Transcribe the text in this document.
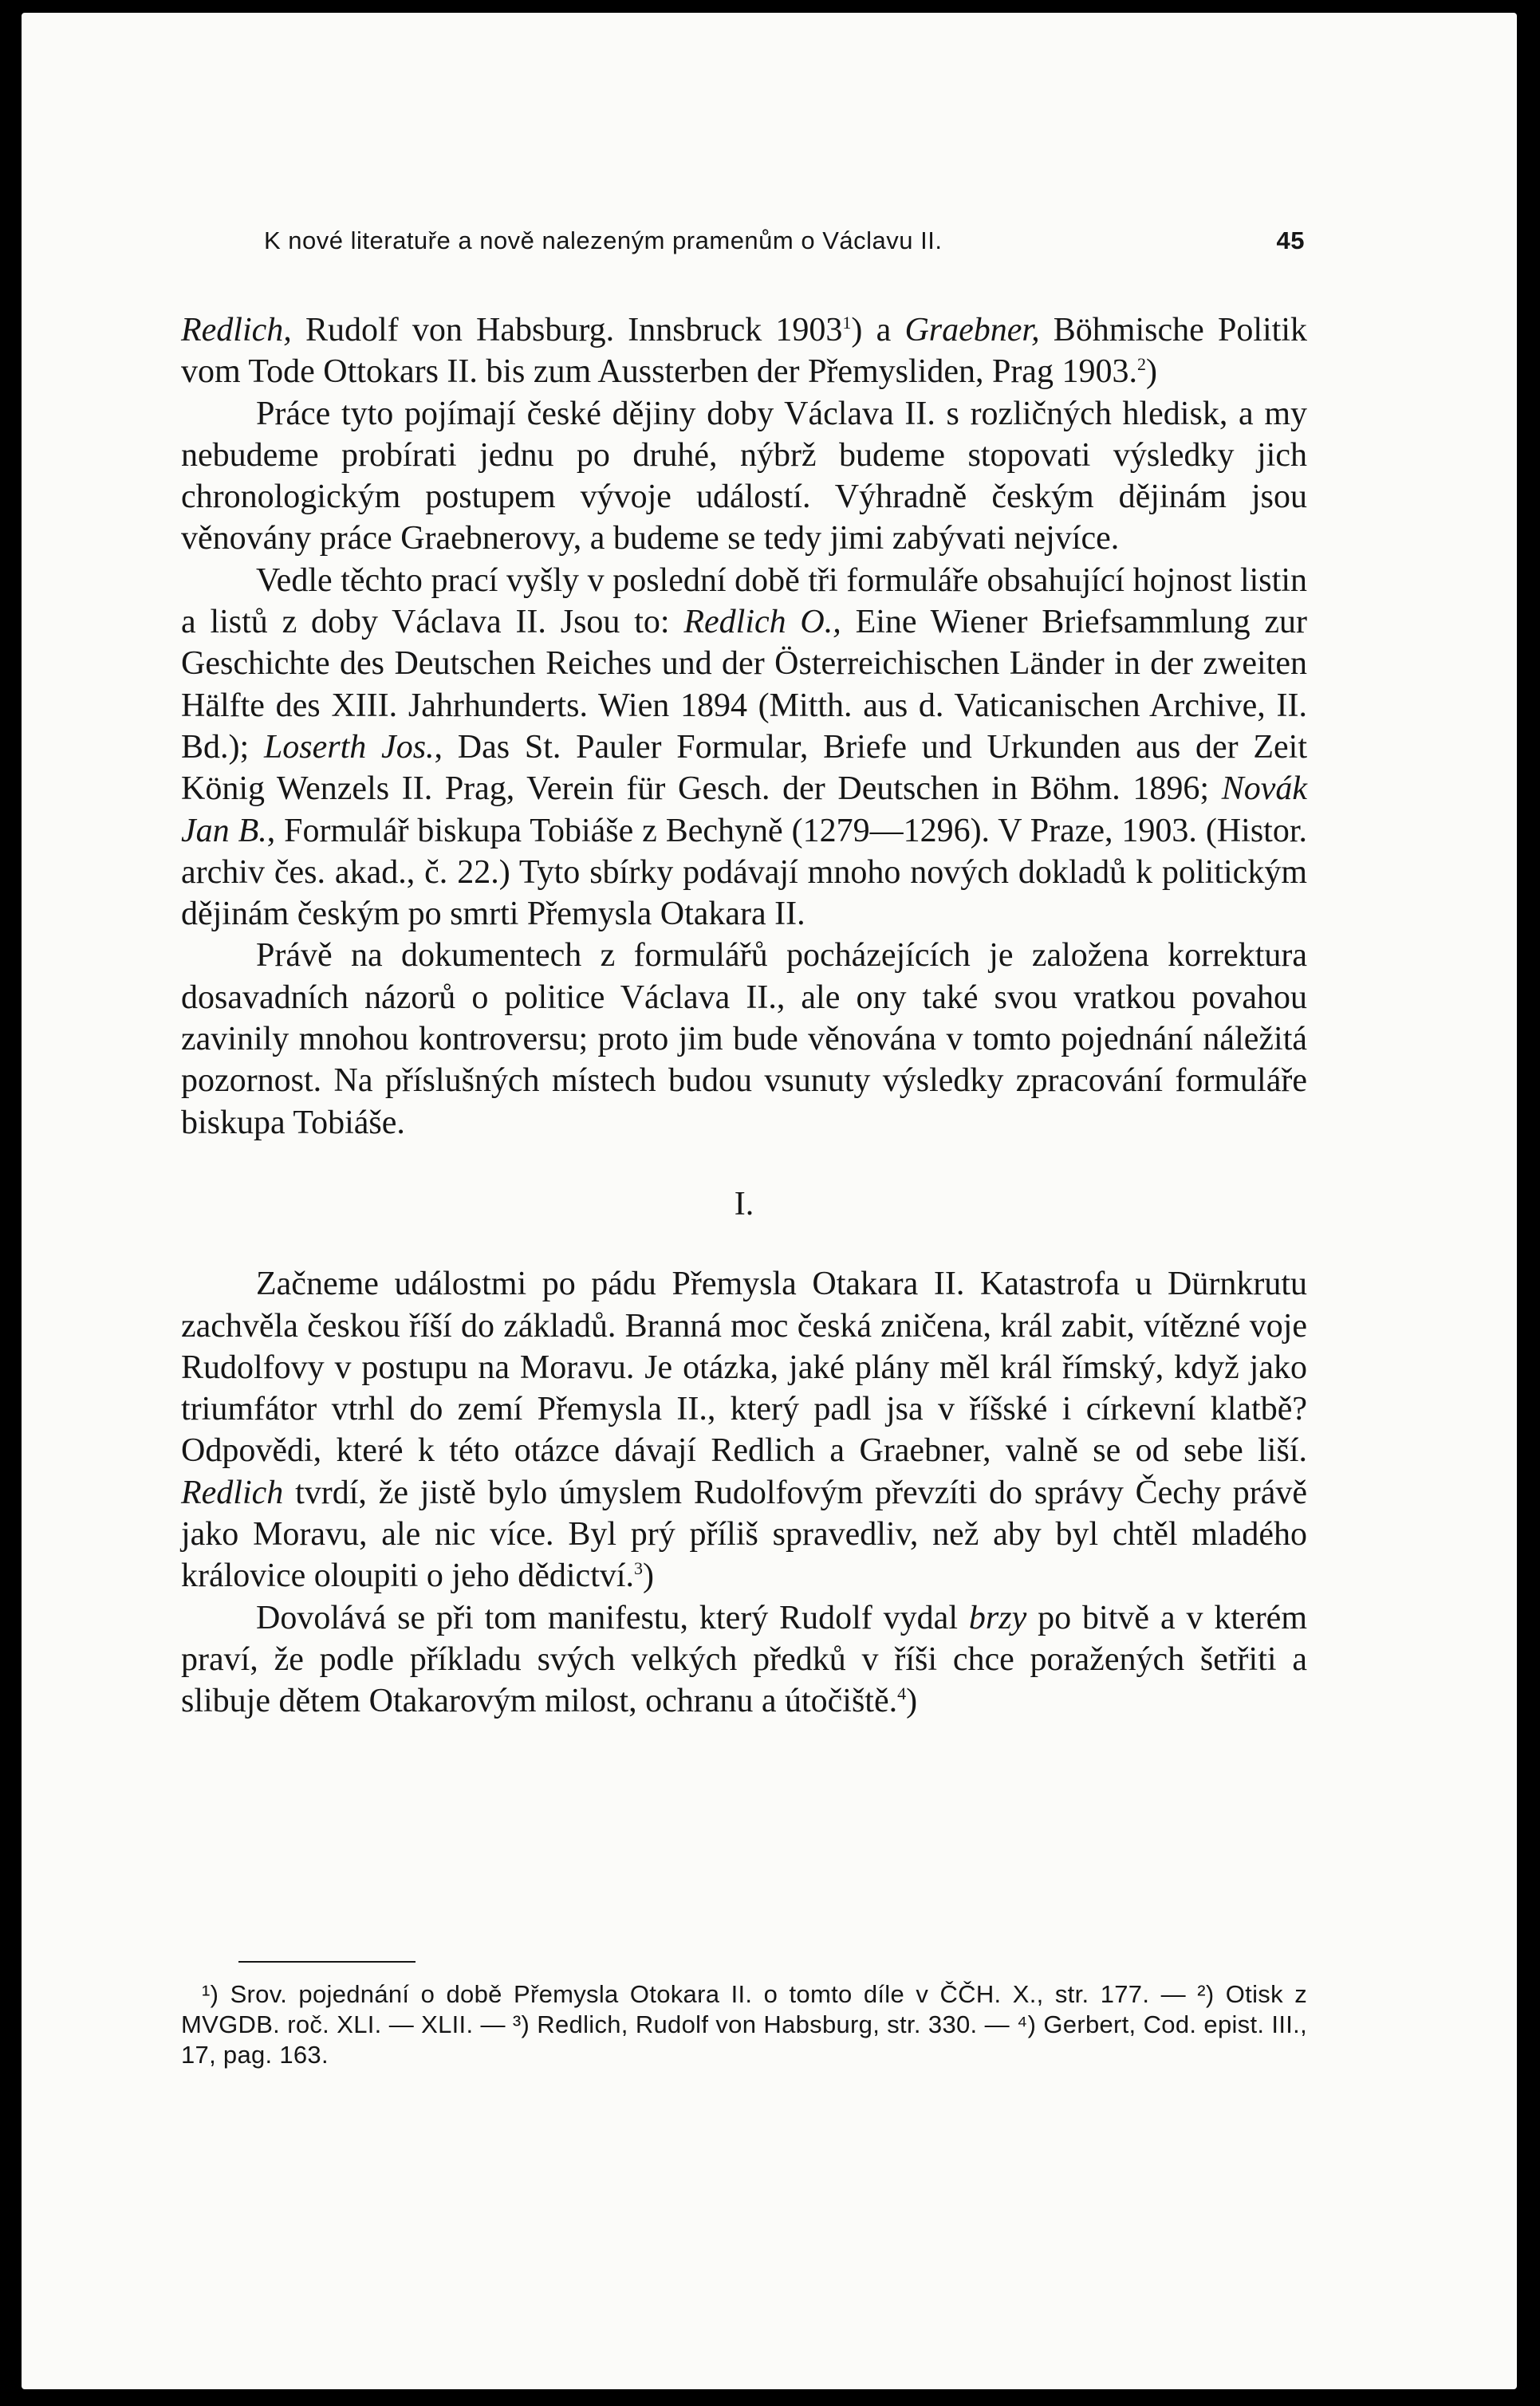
K nové literatuře a nově nalezeným pramenům o Václavu II.	45

Redlich, Rudolf von Habsburg. Innsbruck 1903$^1$) a Graebner, Böhmische Politik vom Tode Ottokars II. bis zum Aussterben der Přemysliden, Prag 1903.$^2$)

Práce tyto pojímají české dějiny doby Václava II. s rozličných hledisk, a my nebudeme probírati jednu po druhé, nýbrž budeme stopovati výsledky jich chronologickým postupem vývoje událostí. Výhradně českým dějinám jsou věnovány práce Graebnerovy, a budeme se tedy jimi zabývati nejvíce.

Vedle těchto prací vyšly v poslední době tři formuláře obsahující hojnost listin a listů z doby Václava II. Jsou to: Redlich O., Eine Wiener Briefsammlung zur Geschichte des Deutschen Reiches und der Österreichischen Länder in der zweiten Hälfte des XIII. Jahrhunderts. Wien 1894 (Mitth. aus d. Vaticanischen Archive, II. Bd.); Loserth Jos., Das St. Pauler Formular, Briefe und Urkunden aus der Zeit König Wenzels II. Prag, Verein für Gesch. der Deutschen in Böhm. 1896; Novák Jan B., Formulář biskupa Tobiáše z Bechyně (1279—1296). V Praze, 1903. (Histor. archiv čes. akad., č. 22.) Tyto sbírky podávají mnoho nových dokladů k politickým dějinám českým po smrti Přemysla Otakara II.

Právě na dokumentech z formulářů pocházejících je založena korrektura dosavadních názorů o politice Václava II., ale ony také svou vratkou povahou zavinily mnohou kontroversu; proto jim bude věnována v tomto pojednání náležitá pozornost. Na příslušných místech budou vsunuty výsledky zpracování formuláře biskupa Tobiáše.

I.

Začneme událostmi po pádu Přemysla Otakara II. Katastrofa u Dürnkrutu zachvěla českou říší do základů. Branná moc česká zničena, král zabit, vítězné voje Rudolfovy v postupu na Moravu. Je otázka, jaké plány měl král římský, když jako triumfátor vtrhl do zemí Přemysla II., který padl jsa v říšské i církevní klatbě? Odpovědi, které k této otázce dávají Redlich a Graebner, valně se od sebe liší. Redlich tvrdí, že jistě bylo úmyslem Rudolfovým převzíti do správy Čechy právě jako Moravu, ale nic více. Byl prý příliš spravedliv, než aby byl chtěl mladého královice oloupiti o jeho dědictví.$^3$)

Dovolává se při tom manifestu, který Rudolf vydal brzy po bitvě a v kterém praví, že podle příkladu svých velkých předků v říši chce poražených šetřiti a slibuje dětem Otakarovým milost, ochranu a útočiště.$^4$)

¹) Srov. pojednání o době Přemysla Otokara II. o tomto díle v ČČH. X., str. 177. — ²) Otisk z MVGDB. roč. XLI. — XLII. — ³) Redlich, Rudolf von Habsburg, str. 330. — ⁴) Gerbert, Cod. epist. III., 17, pag. 163.
